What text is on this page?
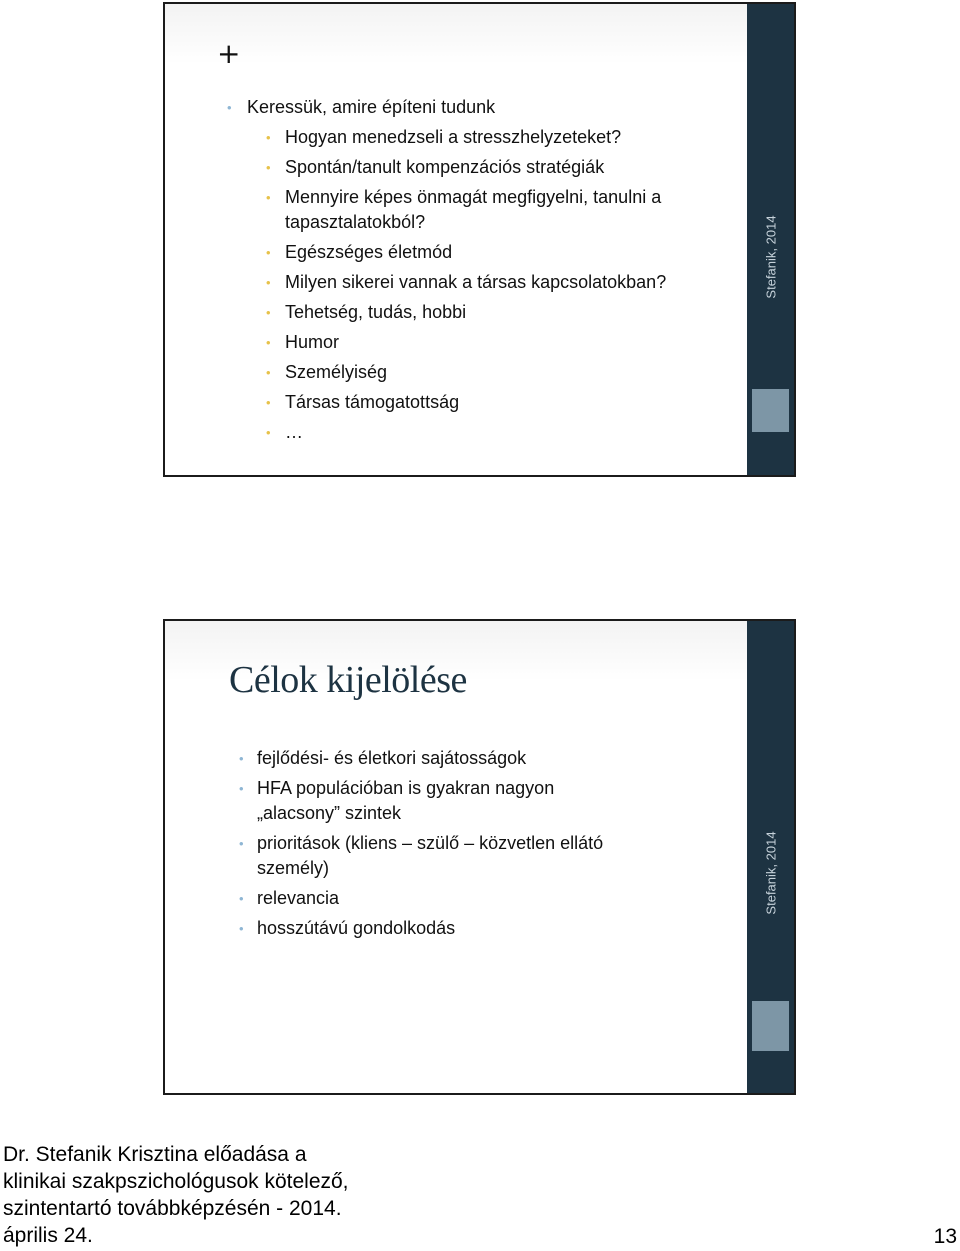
+
• Keressük, amire építeni tudunk
• Hogyan menedzseli a stresszhelyzeteket?
• Spontán/tanult kompenzációs stratégiák
• Mennyire képes önmagát megfigyelni, tanulni a
tapasztalatokból?
• Egészséges életmód
• Milyen sikerei vannak a társas kapcsolatokban?
• Tehetség, tudás, hobbi
• Humor
• Személyiség
• Társas támogatottság
• …
Stefanik, 2014
Célok kijelölése
• fejlődési- és életkori sajátosságok
• HFA populációban is gyakran nagyon
„alacsony” szintek
• prioritások (kliens – szülő – közvetlen ellátó
személy)
• relevancia
• hosszútávú gondolkodás
Stefanik, 2014
Dr. Stefanik Krisztina előadása a
klinikai szakpszichológusok kötelező,
szintentartó továbbképzésén - 2014.
április 24.	13
